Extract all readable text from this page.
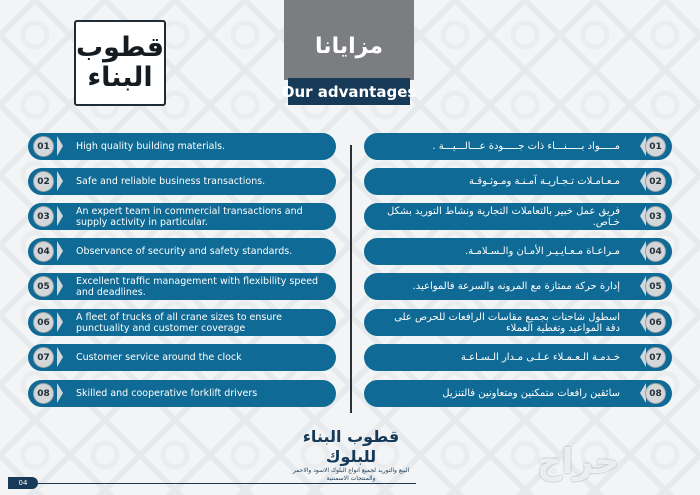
قطوب
البناء
مزايانا
Our advantages
High quality building materials.
01
Safe and reliable business transactions.
02
An expert team in commercial transactions and supply activity in particular.
03
Observance of security and safety standards.
04
Excellent traffic management with flexibility speed and deadlines.
05
A fleet of trucks of all crane sizes to ensure punctuality and customer coverage
06
Customer service around the clock
07
Skilled and cooperative forklift drivers
08
مـــــواد بـــــنـــاء ذات جـــــودة عـــالـــيـــة .	01
مـعـامـلات تـجـاريـة آمـنـة ومـوثـوقـة	02
فريق عمل خبير بالتعاملات التجارية ونشاط التوريد بشكل خـاص.	03
مـراعـاة مـعـايـيـر الأمـان والـسـلامـة.	04
إدارة حركة ممتازة مع المرونه والسرعة فالمواعيد.	05
اسطول شاحنات بجميع مقاسات الرافعات للحرص على دقة المواعيد وتغطية العملاء	06
خـدمـة الـعـمـلاء عـلـى مـدار الـسـاعـة	07
سائقين رافعات متمكنين ومتعاونين فالتنزيل	08
قطوب البناء للبلوك
البيع والتوريد لجميع انواع البلوك الاسود والاحمر والمنتجات الاسمنتية
04
حراج
